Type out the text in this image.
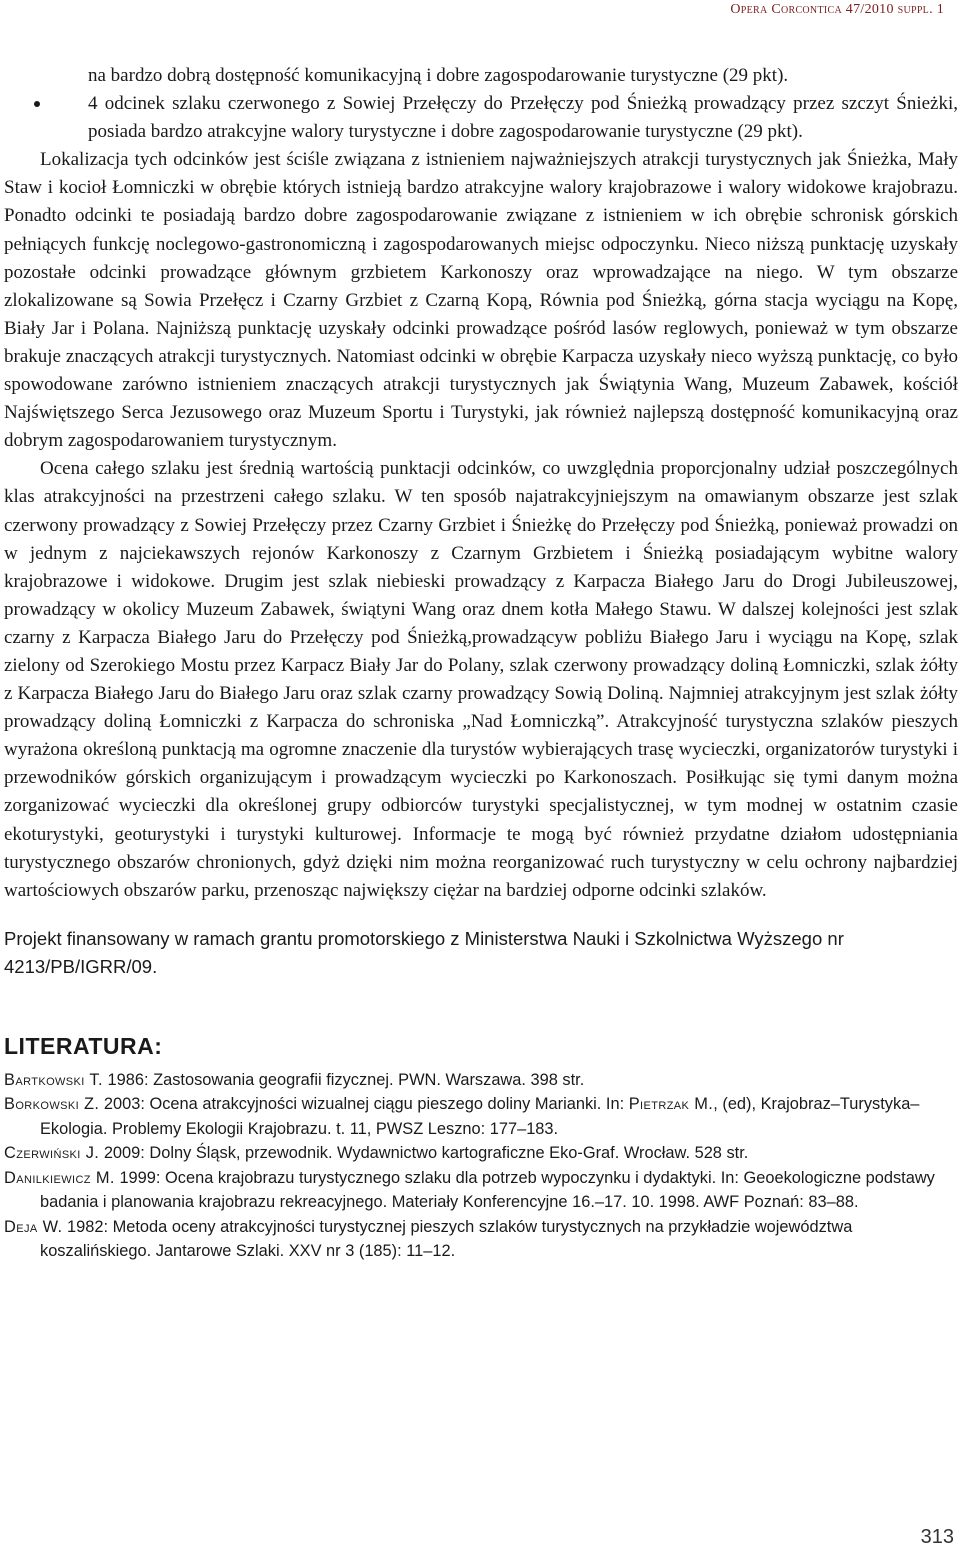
Opera Corcontica 47/2010 suppl. 1

na bardzo dobrą dostępność komunikacyjną i dobre zagospodarowanie turystyczne (29 pkt).

4 odcinek szlaku czerwonego z Sowiej Przełęczy do Przełęczy pod Śnieżką prowadzący przez szczyt Śnieżki, posiada bardzo atrakcyjne walory turystyczne i dobre zagospodarowanie turystyczne (29 pkt).

Lokalizacja tych odcinków jest ściśle związana z istnieniem najważniejszych atrakcji turystycznych jak Śnieżka, Mały Staw i kocioł Łomniczki w obrębie których istnieją bardzo atrakcyjne walory krajobrazowe i walory widokowe krajobrazu. Ponadto odcinki te posiadają bardzo dobre zagospodarowanie związane z istnieniem w ich obrębie schronisk górskich pełniących funkcję noclegowo-gastronomiczną i zagospodarowanych miejsc odpoczynku. Nieco niższą punktację uzyskały pozostałe odcinki prowadzące głównym grzbietem Karkonoszy oraz wprowadzające na niego. W tym obszarze zlokalizowane są Sowia Przełęcz i Czarny Grzbiet z Czarną Kopą, Równia pod Śnieżką, górna stacja wyciągu na Kopę, Biały Jar i Polana. Najniższą punktację uzyskały odcinki prowadzące pośród lasów reglowych, ponieważ w tym obszarze brakuje znaczących atrakcji turystycznych. Natomiast odcinki w obrębie Karpacza uzyskały nieco wyższą punktację, co było spowodowane zarówno istnieniem znaczących atrakcji turystycznych jak Świątynia Wang, Muzeum Zabawek, kościół Najświętszego Serca Jezusowego oraz Muzeum Sportu i Turystyki, jak również najlepszą dostępność komunikacyjną oraz dobrym zagospodarowaniem turystycznym.

Ocena całego szlaku jest średnią wartością punktacji odcinków, co uwzględnia proporcjonalny udział poszczególnych klas atrakcyjności na przestrzeni całego szlaku. W ten sposób najatrakcyjniejszym na omawianym obszarze jest szlak czerwony prowadzący z Sowiej Przełęczy przez Czarny Grzbiet i Śnieżkę do Przełęczy pod Śnieżką, ponieważ prowadzi on w jednym z najciekawszych rejonów Karkonoszy z Czarnym Grzbietem i Śnieżką posiadającym wybitne walory krajobrazowe i widokowe. Drugim jest szlak niebieski prowadzący z Karpacza Białego Jaru do Drogi Jubileuszowej, prowadzący w okolicy Muzeum Zabawek, świątyni Wang oraz dnem kotła Małego Stawu. W dalszej kolejności jest szlak czarny z Karpacza Białego Jaru do Przełęczy pod Śnieżką,prowadzącyw pobliżu Białego Jaru i wyciągu na Kopę, szlak zielony od Szerokiego Mostu przez Karpacz Biały Jar do Polany, szlak czerwony prowadzący doliną Łomniczki, szlak żółty z Karpacza Białego Jaru do Białego Jaru oraz szlak czarny prowadzący Sowią Doliną. Najmniej atrakcyjnym jest szlak żółty prowadzący doliną Łomniczki z Karpacza do schroniska „Nad Łomniczką”. Atrakcyjność turystyczna szlaków pieszych wyrażona określoną punktacją ma ogromne znaczenie dla turystów wybierających trasę wycieczki, organizatorów turystyki i przewodników górskich organizującym i prowadzącym wycieczki po Karkonoszach. Posiłkując się tymi danym można zorganizować wycieczki dla określonej grupy odbiorców turystyki specjalistycznej, w tym modnej w ostatnim czasie ekoturystyki, geoturystyki i turystyki kulturowej. Informacje te mogą być również przydatne działom udostępniania turystycznego obszarów chronionych, gdyż dzięki nim można reorganizować ruch turystyczny w celu ochrony najbardziej wartościowych obszarów parku, przenosząc największy ciężar na bardziej odporne odcinki szlaków.

Projekt finansowany w ramach grantu promotorskiego z Ministerstwa Nauki i Szkolnictwa Wyższego nr 4213/PB/IGRR/09.

LITERATURA:

Bartkowski T. 1986: Zastosowania geografii fizycznej. PWN. Warszawa. 398 str.

Borkowski Z. 2003: Ocena atrakcyjności wizualnej ciągu pieszego doliny Marianki. In: Pietrzak M., (ed), Krajobraz–Turystyka–Ekologia. Problemy Ekologii Krajobrazu. t. 11, PWSZ Leszno: 177–183.

Czerwiński J. 2009: Dolny Śląsk, przewodnik. Wydawnictwo kartograficzne Eko-Graf. Wrocław. 528 str.

Danilkiewicz M. 1999: Ocena krajobrazu turystycznego szlaku dla potrzeb wypoczynku i dydaktyki. In: Geoekologiczne podstawy badania i planowania krajobrazu rekreacyjnego. Materiały Konferencyjne 16.–17. 10. 1998. AWF Poznań: 83–88.

Deja W. 1982: Metoda oceny atrakcyjności turystycznej pieszych szlaków turystycznych na przykładzie województwa koszalińskiego. Jantarowe Szlaki. XXV nr 3 (185): 11–12.

313
